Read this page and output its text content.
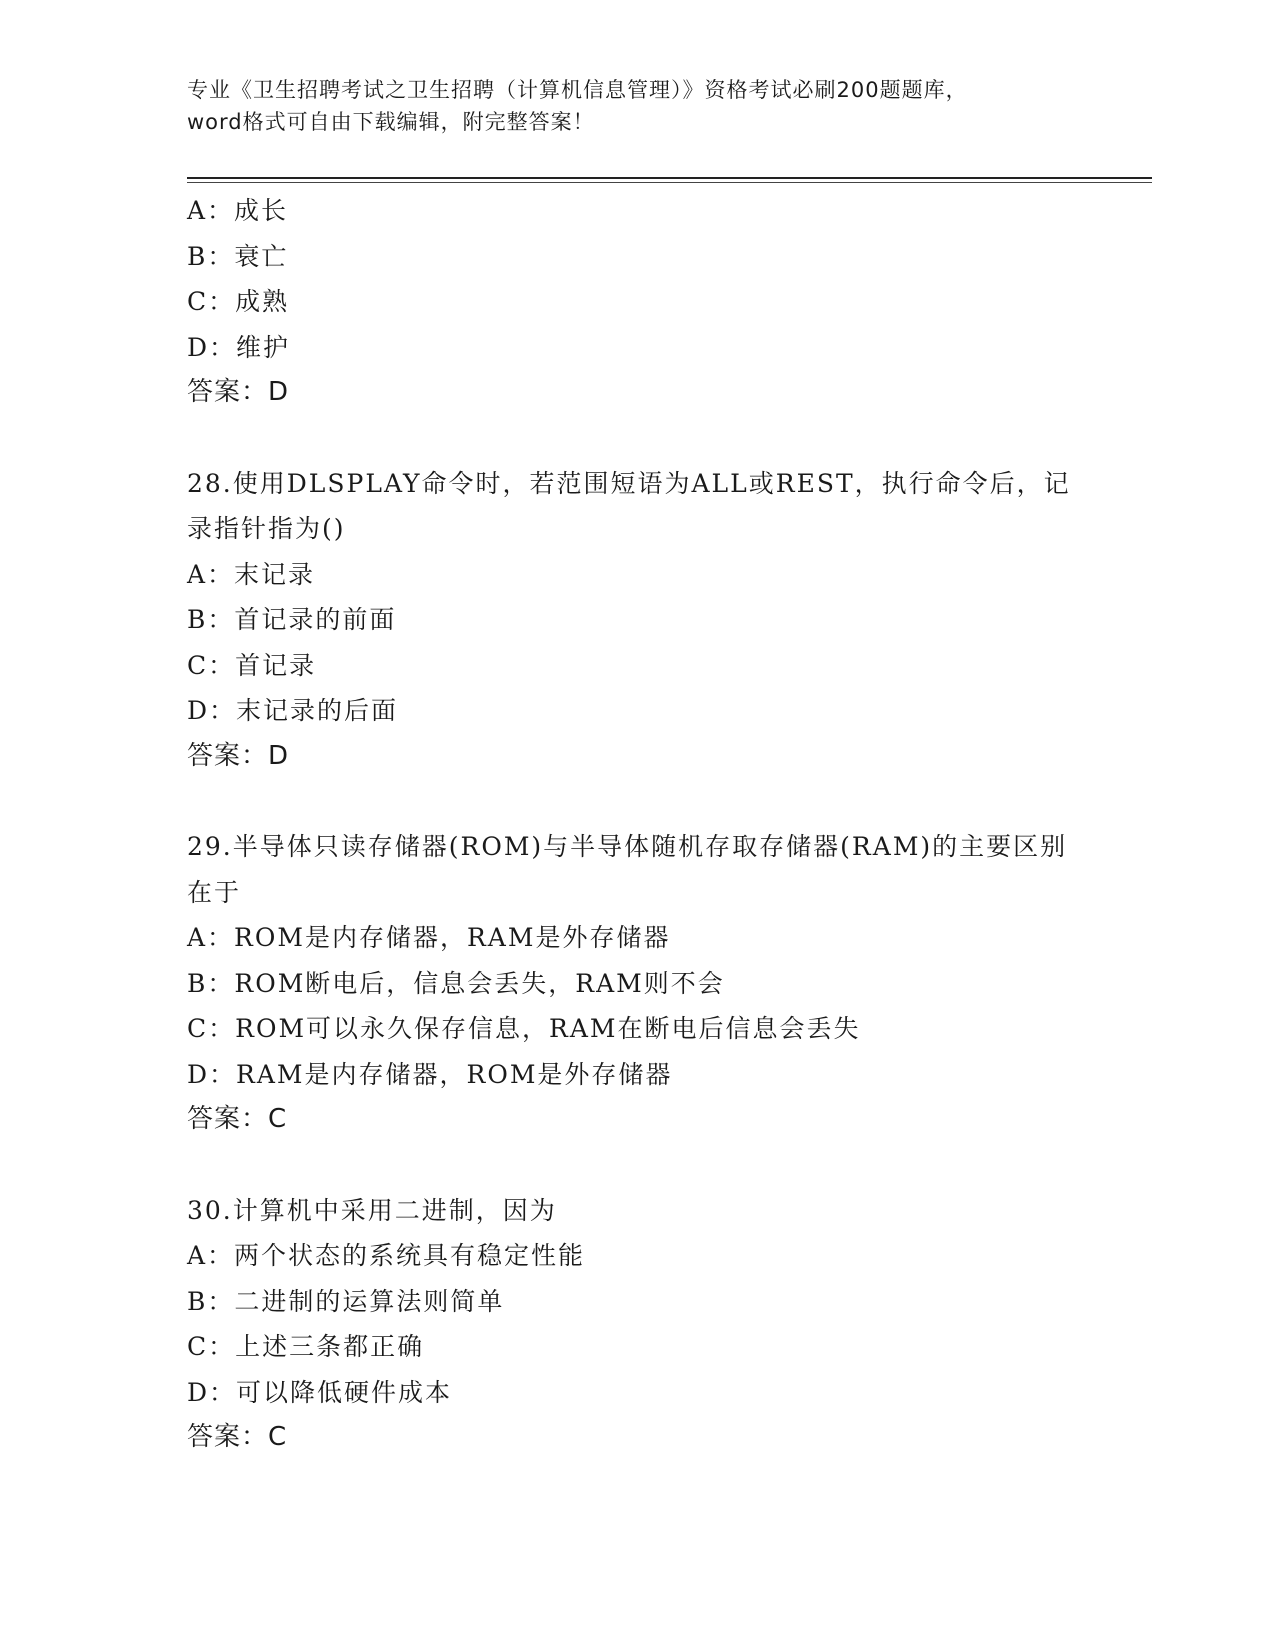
专业《卫生招聘考试之卫生招聘（计算机信息管理）》资格考试必刷200题题库，
word格式可自由下载编辑，附完整答案！
A：成长
B：衰亡
C：成熟
D：维护
答案：D
28.使用DLSPLAY命令时，若范围短语为ALL或REST，执行命令后，记录指针指为()
A：末记录
B：首记录的前面
C：首记录
D：末记录的后面
答案：D
29.半导体只读存储器(ROM)与半导体随机存取存储器(RAM)的主要区别在于
A：ROM是内存储器，RAM是外存储器
B：ROM断电后，信息会丢失，RAM则不会
C：ROM可以永久保存信息，RAM在断电后信息会丢失
D：RAM是内存储器，ROM是外存储器
答案：C
30.计算机中采用二进制，因为
A：两个状态的系统具有稳定性能
B：二进制的运算法则简单
C：上述三条都正确
D：可以降低硬件成本
答案：C
